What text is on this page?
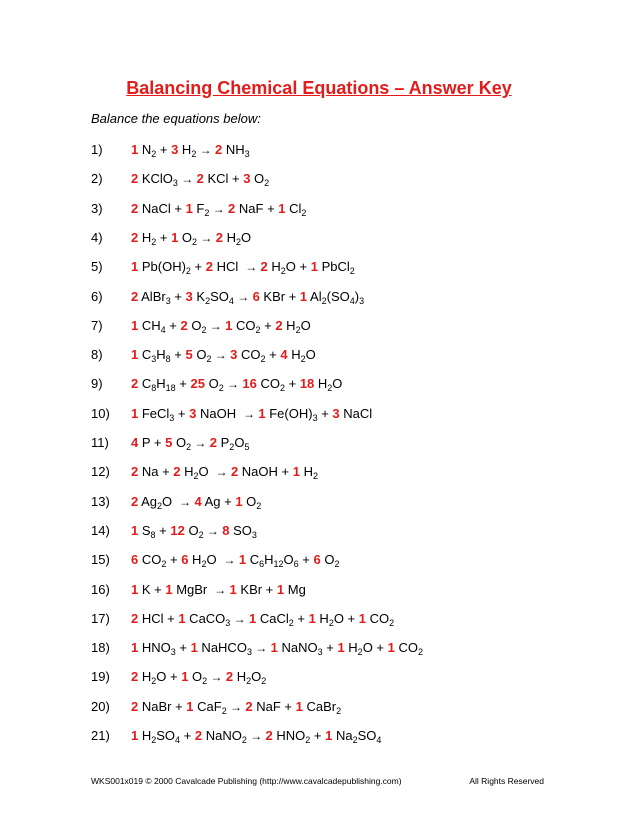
Balancing Chemical Equations – Answer Key
Balance the equations below:
1) 1 $N_2 + 3$ $H_2 \to 2$ $NH_3$
2) 2 KClO$_3$ → 2 KCl + 3 $O_2$
3) 2 NaCl + 1 $F_2 \to 2$ NaF + 1 $Cl_2$
4) 2 $H_2 + 1$ $O_2 \to 2$ $H_2O$
5) 1 $Pb(OH)_2 + 2$ HCl  → 2 $H_2O + 1$ PbCl$_2$
6) 2 AlBr$_3$ + 3 $K_2SO_4 \to 6$ KBr + 1 $Al_2(SO_4)_3$
7) 1 $CH_4 + 2$ $O_2 \to 1$ $CO_2 + 2$ $H_2O$
8) 1 $C_3H_8 + 5$ $O_2 \to 3$ $CO_2 + 4$ $H_2O$
9) 2 $C_8H_{18} + 25$ $O_2 \to 16$ $CO_2 + 18$ $H_2O$
10) 1 FeCl$_3$ + 3 NaOH  → 1 $Fe(OH)_3 + 3$ NaCl
11) 4 P + 5 $O_2 \to 2$ $P_2O_5$
12) 2 Na + 2 $H_2O \to 2$ NaOH + 1 $H_2$
13) 2 $Ag_2O \to 4$ Ag + 1 $O_2$
14) 1 $S_8 + 12$ $O_2 \to 8$ $SO_3$
15) 6 $CO_2 + 6$ $H_2O \to 1$ $C_6H_{12}O_6 + 6$ $O_2$
16) 1 K + 1 MgBr  → 1 KBr + 1 Mg
17) 2 HCl + 1 CaCO$_3$ → 1 CaCl$_2$ + 1 $H_2O + 1$ $CO_2$
18) 1 $HNO_3 + 1$ NaHCO$_3$ → 1 NaNO$_3$ + 1 $H_2O + 1$ $CO_2$
19) 2 $H_2O + 1$ $O_2 \to 2$ $H_2O_2$
20) 2 NaBr + 1 CaF$_2$ → 2 NaF + 1 CaBr$_2$
21) 1 $H_2SO_4 + 2$ NaNO$_2$ → 2 $HNO_2 + 1$ $Na_2SO_4$
WKS001x019 © 2000 Cavalcade Publishing (http://www.cavalcadepublishing.com)	All Rights Reserved
